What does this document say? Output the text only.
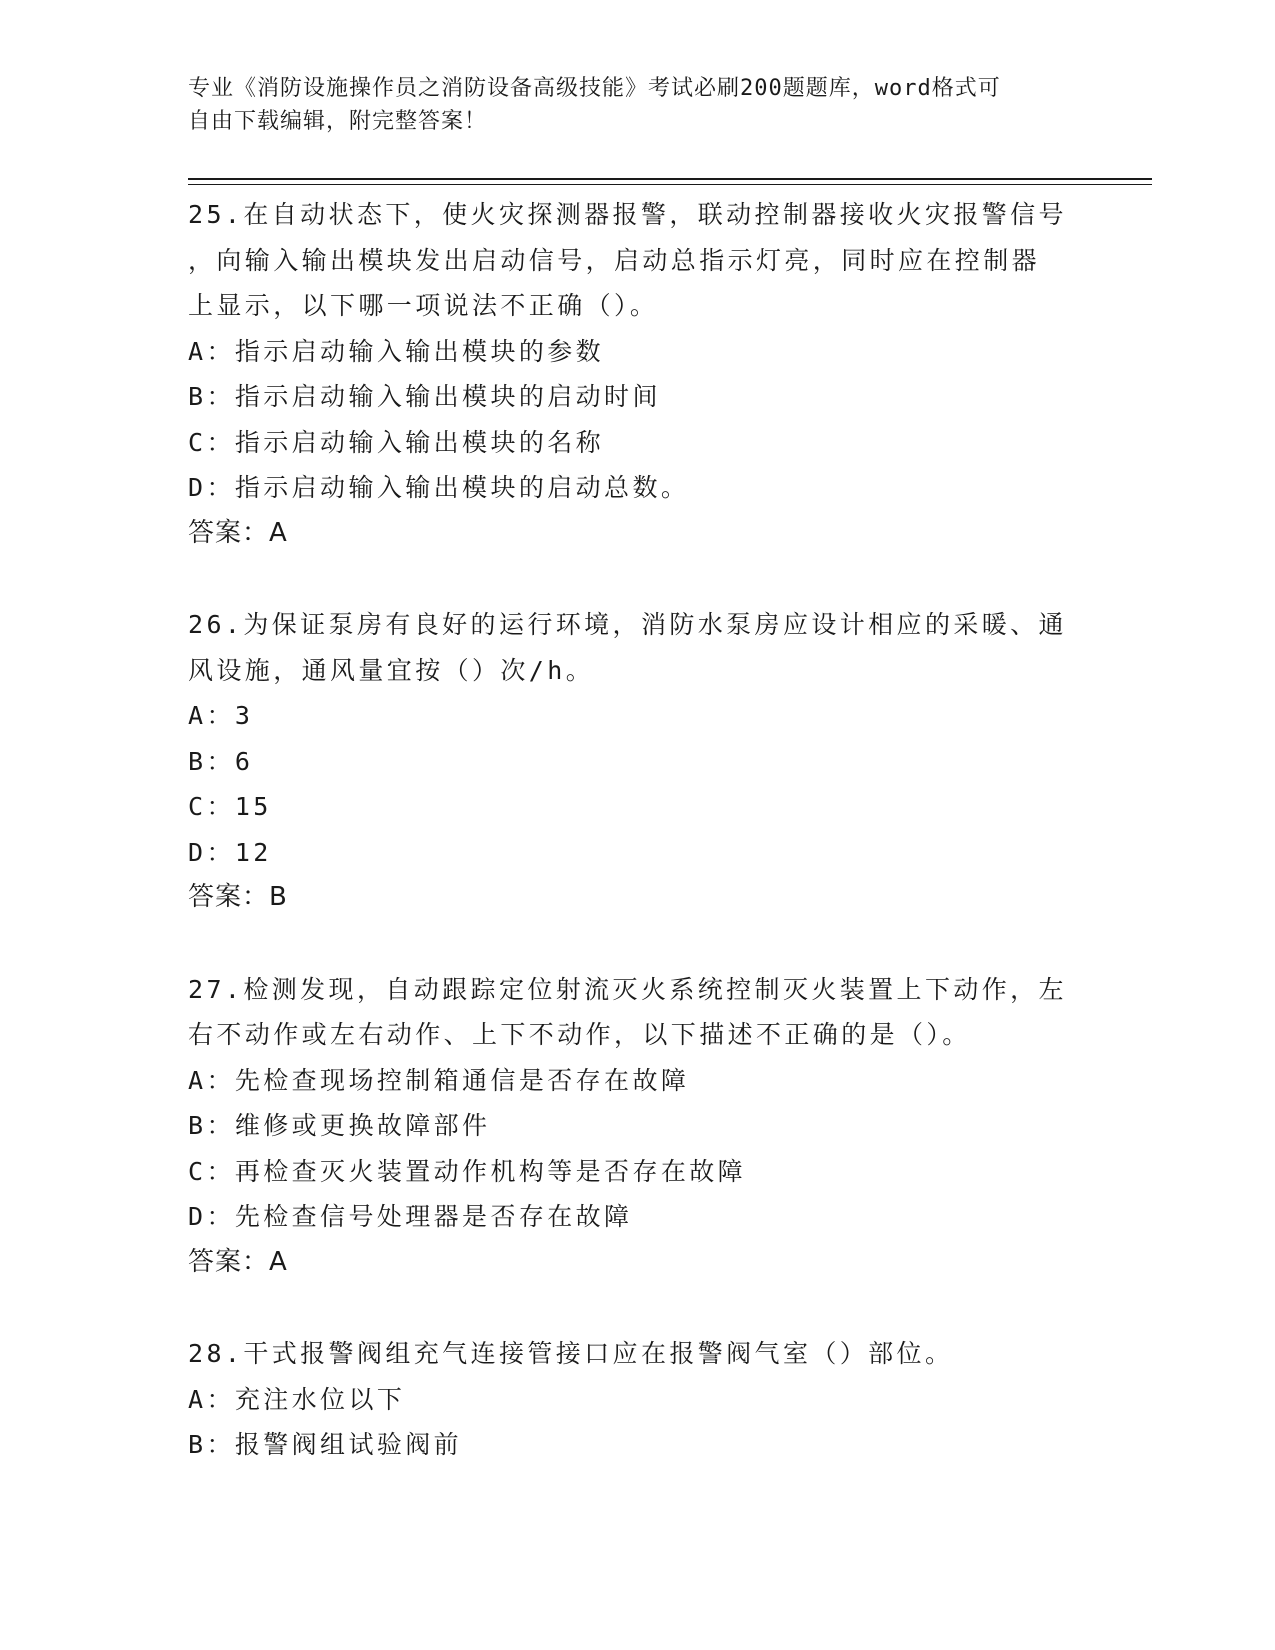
专业《消防设施操作员之消防设备高级技能》考试必刷200题题库，word格式可
自由下载编辑，附完整答案！

25.在自动状态下，使火灾探测器报警，联动控制器接收火灾报警信号

，向输入输出模块发出启动信号，启动总指示灯亮，同时应在控制器

上显示，以下哪一项说法不正确（）。

A：指示启动输入输出模块的参数

B：指示启动输入输出模块的启动时间

C：指示启动输入输出模块的名称

D：指示启动输入输出模块的启动总数。

答案：A

26.为保证泵房有良好的运行环境，消防水泵房应设计相应的采暖、通

风设施，通风量宜按（）次/h。

A：3

B：6

C：15

D：12

答案：B

27.检测发现，自动跟踪定位射流灭火系统控制灭火装置上下动作，左

右不动作或左右动作、上下不动作，以下描述不正确的是（）。

A：先检查现场控制箱通信是否存在故障

B：维修或更换故障部件

C：再检查灭火装置动作机构等是否存在故障

D：先检查信号处理器是否存在故障

答案：A

28.干式报警阀组充气连接管接口应在报警阀气室（）部位。

A：充注水位以下

B：报警阀组试验阀前
